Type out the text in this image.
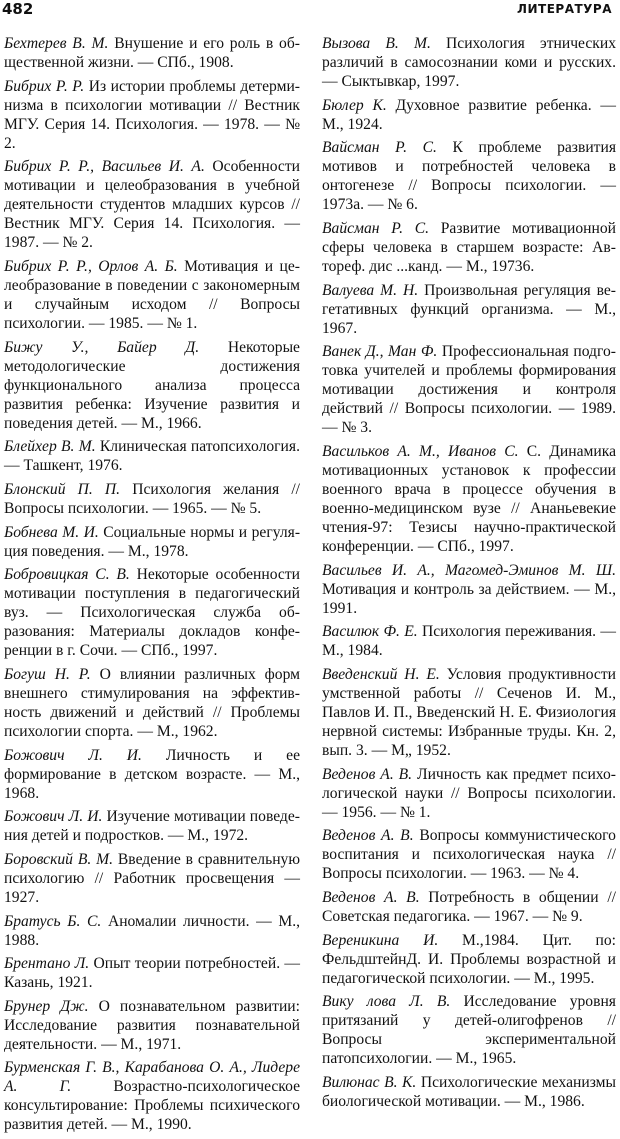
482	ЛИТЕРАТУРА

Бехтерев В. М. Внушение и его роль в общественной жизни. — СПб., 1908.

Бибрих Р. Р. Из истории проблемы детерминизма в психологии мотивации // Вестник МГУ. Серия 14. Психология. — 1978. — № 2.

Бибрих Р. Р., Васильев И. А. Особенности мотивации и целеобразования в учебной деятельности студентов младших курсов // Вестник МГУ. Серия 14. Психология. — 1987. — № 2.

Бибрих Р. Р., Орлов А. Б. Мотивация и целеобразование в поведении с закономерным и случайным исходом // Вопросы психологии. — 1985. — № 1.

Бижу У., Байер Д. Некоторые методологические достижения функционального анализа процесса развития ребенка: Изучение развития и поведения детей. — М., 1966.

Блейхер В. М. Клиническая патопсихология. — Ташкент, 1976.

Блонский П. П. Психология желания // Вопросы психологии. — 1965. — № 5.

Бобнева М. И. Социальные нормы и регуляция поведения. — М., 1978.

Бобровицкая С. В. Некоторые особенности мотивации поступления в педагогический вуз. — Психологическая служба образования: Материалы докладов конференции в г. Сочи. — СПб., 1997.

Богуш Н. Р. О влиянии различных форм внешнего стимулирования на эффективность движений и действий // Проблемы психологии спорта. — М., 1962.

Божович Л. И. Личность и ее формирование в детском возрасте. — М., 1968.

Божович Л. И. Изучение мотивации поведения детей и подростков. — М., 1972.

Боровский В. М. Введение в сравнительную психологию // Работник просвещения — 1927.

Братусь Б. С. Аномалии личности. — М., 1988.

Брентано Л. Опыт теории потребностей. — Казань, 1921.

Брунер Дж. О познавательном развитии: Исследование развития познавательной деятельности. — М., 1971.

Бурменская Г. В., Карабанова О. А., Лидере А. Г.	Возрастно-психологическое консультирование: Проблемы психического развития детей. — М., 1990.

Вызова В. М. Психология этнических различий в самосознании коми и русских. — Сыктывкар, 1997.

Бюлер К. Духовное развитие ребенка. — М., 1924.

Вайсман Р. С. К проблеме развития мотивов и потребностей человека в онтогенезе // Вопросы психологии. — 1973а. — № 6.

Вайсман Р. С. Развитие мотивационной сферы человека в старшем возрасте: Автореф. дис ...канд. — М., 19736.

Валуева М. Н. Произвольная регуляция вегетативных функций организма. — М., 1967.

Ванек Д., Ман Ф. Профессиональная подготовка учителей и проблемы формирования мотивации достижения и контроля действий // Вопросы психологии. — 1989. — № 3.

Васильков А. М., Иванов С. С. Динамика мотивационных установок к профессии военного врача в процессе обучения в военно-медицинском вузе // Ананьевекие чтения-97: Тезисы научно-практической конференции. — СПб., 1997.

Васильев И. А., Магомед-Эминов М. Ш. Мотивация и контроль за действием. — М., 1991.

Василюк Ф. Е. Психология переживания. — М., 1984.

Введенский Н. Е. Условия продуктивности умственной работы // Сеченов И. М., Павлов И. П., Введенский Н. Е. Физиология нервной системы: Избранные труды. Кн. 2, вып. 3. — М„ 1952.

Веденов А. В. Личность как предмет психологической науки // Вопросы психологии. — 1956. — № 1.

Веденов А. В. Вопросы коммунистического воспитания и психологическая наука // Вопросы психологии. — 1963. — № 4.

Веденов А. В. Потребность в общении // Советская педагогика. — 1967. — № 9.

Вереникина И. М.,1984. Цит. по: ФельдштейнД. И. Проблемы возрастной и педагогической психологии. — М., 1995.

Вику лова Л. В. Исследование уровня притязаний у детей-олигофренов // Вопросы экспериментальной патопсихологии. — М., 1965.

Вилюнас В. К. Психологические механизмы биологической мотивации. — М., 1986.
